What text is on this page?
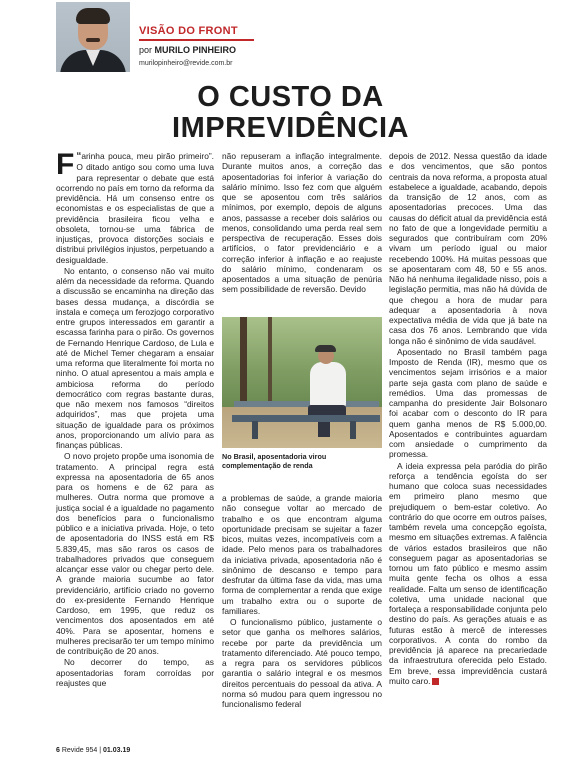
VISÃO DO FRONT
por MURILO PINHEIRO
murilopinheiro@revide.com.br
O CUSTO DA
IMPREVIDÊNCIA

“
F arinha pouca, meu pirão primeiro”. O ditado antigo sou como uma luva para representar o debate que está ocorrendo no país em torno da reforma da previdência. Há um consenso entre os economistas e os especialistas de que a previdência brasileira ficou velha e obsoleta, tornou-se uma fábrica de injustiças, provoca distorções sociais e distribui privilégios injustos, perpetuando a desigualdade.

No entanto, o consenso não vai muito além da necessidade da reforma. Quando a discussão se encaminha na direção das bases dessa mudança, a discórdia se instala e começa um ferozjogo corporativo entre grupos interessados em garantir a escassa farinha para o pirão. Os governos de Fernando Henrique Cardoso, de Lula e até de Michel Temer chegaram a ensaiar uma reforma que literalmente foi morta no ninho. O atual apresentou a mais ampla e ambiciosa reforma do período democrático com regras bastante duras, que não mexem nos famosos “direitos adquiridos”, mas que projeta uma situação de igualdade para os próximos anos, proporcionando um alívio para as finanças públicas.

O novo projeto propõe uma isonomia de tratamento. A principal regra está expressa na aposentadoria de 65 anos para os homens e de 62 para as mulheres. Outra norma que promove a justiça social é a igualdade no pagamento dos benefícios para o funcionalismo público e a iniciativa privada. Hoje, o teto de aposentadoria do INSS está em R$ 5.839,45, mas são raros os casos de trabalhadores privados que conseguem alcançar esse valor ou chegar perto dele. A grande maioria sucumbe ao fator previdenciário, artifício criado no governo do ex-presidente Fernando Henrique Cardoso, em 1995, que reduz os vencimentos dos aposentados em até 40%. Para se aposentar, homens e mulheres precisarão ter um tempo mínimo de contribuição de 20 anos.

No decorrer do tempo, as aposentadorias foram corroídas por reajustes que

não repuseram a inflação integralmente. Durante muitos anos, a correção das aposentadorias foi inferior à variação do salário mínimo. Isso fez com que alguém que se aposentou com três salários mínimos, por exemplo, depois de alguns anos, passasse a receber dois salários ou menos, consolidando uma perda real sem perspectiva de recuperação. Esses dois artifícios, o fator previdenciário e a correção inferior à inflação e ao reajuste do salário mínimo, condenaram os aposentados a uma situação de penúria sem possibilidade de reversão. Devido

No Brasil, aposentadoria virou complementação de renda

a problemas de saúde, a grande maioria não consegue voltar ao mercado de trabalho e os que encontram alguma oportunidade precisam se sujeitar a fazer bicos, muitas vezes, incompatíveis com a idade. Pelo menos para os trabalhadores da iniciativa privada, aposentadoria não é sinônimo de descanso e tempo para desfrutar da última fase da vida, mas uma forma de complementar a renda que exige um trabalho extra ou o suporte de familiares.

O funcionalismo público, justamente o setor que ganha os melhores salários, recebe por parte da previdência um tratamento diferenciado. Até pouco tempo, a regra para os servidores públicos garantia o salário integral e os mesmos direitos percentuais do pessoal da ativa. A norma só mudou para quem ingressou no funcionalismo federal

depois de 2012. Nessa questão da idade e dos vencimentos, que são pontos centrais da nova reforma, a proposta atual estabelece a igualdade, acabando, depois da transição de 12 anos, com as aposentadorias precoces. Uma das causas do déficit atual da previdência está no fato de que a longevidade permitiu a segurados que contribuíram com 20% vivam um período igual ou maior recebendo 100%. Há muitas pessoas que se aposentaram com 48, 50 e 55 anos. Não há nenhuma ilegalidade nisso, pois a legislação permitia, mas não há dúvida de que chegou a hora de mudar para adequar a aposentadoria à nova expectativa média de vida que já bate na casa dos 76 anos. Lembrando que vida longa não é sinônimo de vida saudável.

Aposentado no Brasil também paga Imposto de Renda (IR), mesmo que os vencimentos sejam irrisórios e a maior parte seja gasta com plano de saúde e remédios. Uma das promessas de campanha do presidente Jair Bolsonaro foi acabar com o desconto do IR para quem ganha menos de R$ 5.000,00. Aposentados e contribuintes aguardam com ansiedade o cumprimento da promessa.

A ideia expressa pela paródia do pirão reforça a tendência egoísta do ser humano que coloca suas necessidades em primeiro plano mesmo que prejudiquem o bem-estar coletivo. Ao contrário do que ocorre em outros países, também revela uma concepção egoísta, mesmo em situações extremas. A falência de vários estados brasileiros que não conseguem pagar as aposentadorias se tornou um fato público e mesmo assim muita gente fecha os olhos a essa realidade. Falta um senso de identificação coletiva, uma unidade nacional que fortaleça a responsabilidade conjunta pelo destino do país. As gerações atuais e as futuras estão à mercê de interesses corporativos. A conta do rombo da previdência já aparece na precariedade da infraestrutura oferecida pelo Estado. Em breve, essa imprevidência custará muito caro.

6 Revide 954 | 01.03.19
